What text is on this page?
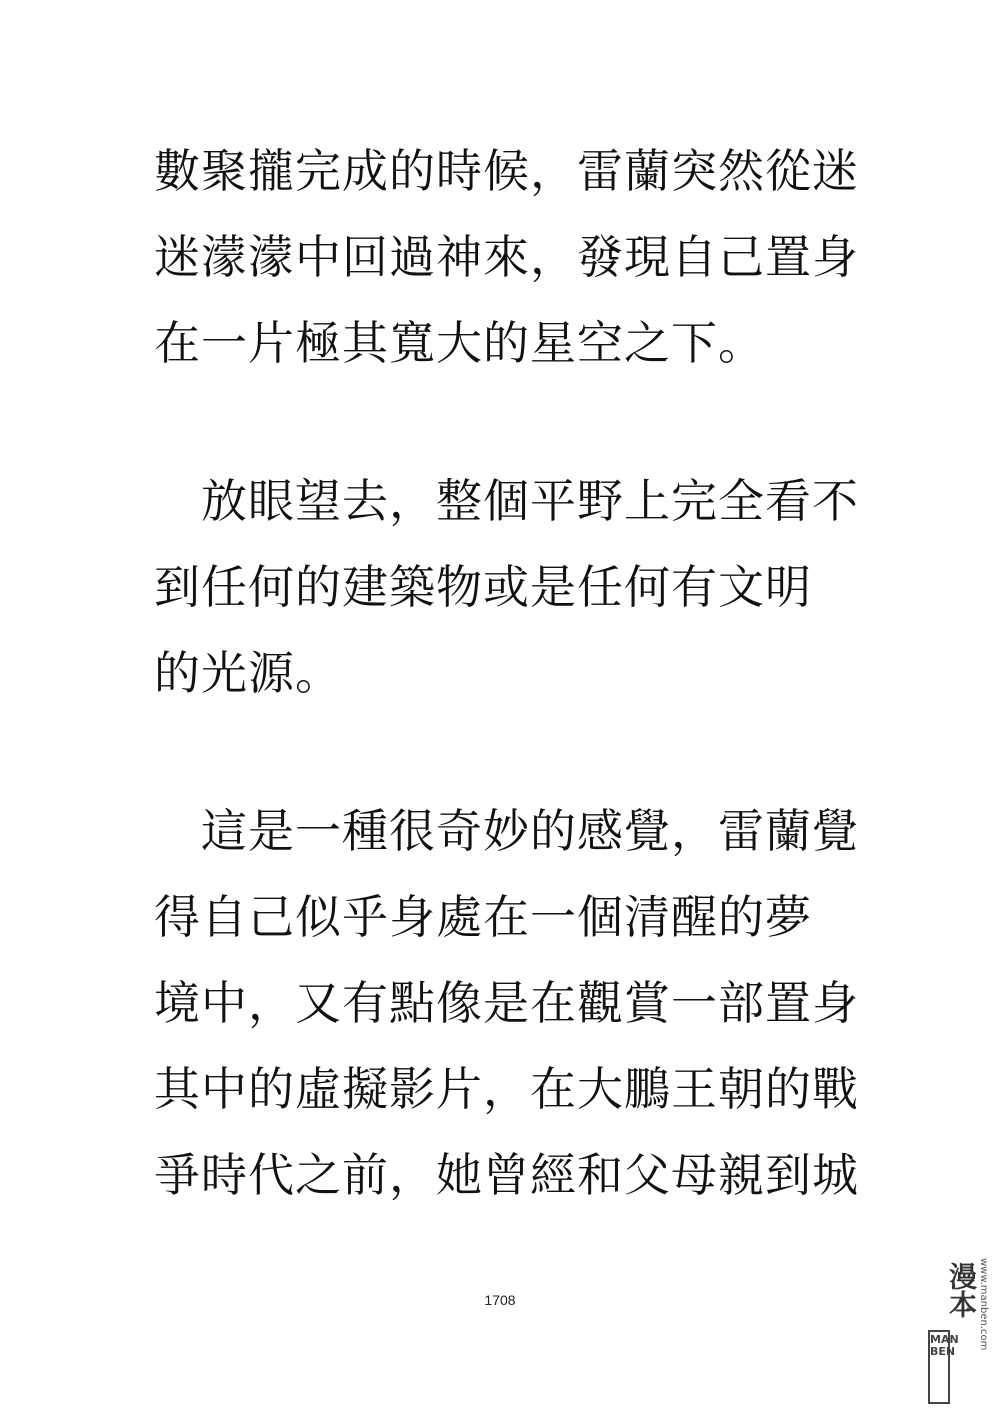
數聚攏完成的時候，雷蘭突然從迷
迷濛濛中回過神來，發現自己置身
在一片極其寬大的星空之下。
　放眼望去，整個平野上完全看不
到任何的建築物或是任何有文明
的光源。
　這是一種很奇妙的感覺，雷蘭覺
得自己似乎身處在一個清醒的夢
境中，又有點像是在觀賞一部置身
其中的虛擬影片，在大鵬王朝的戰
爭時代之前，她曾經和父母親到城
1708	www.manben.com
漫本
MAN BEN
